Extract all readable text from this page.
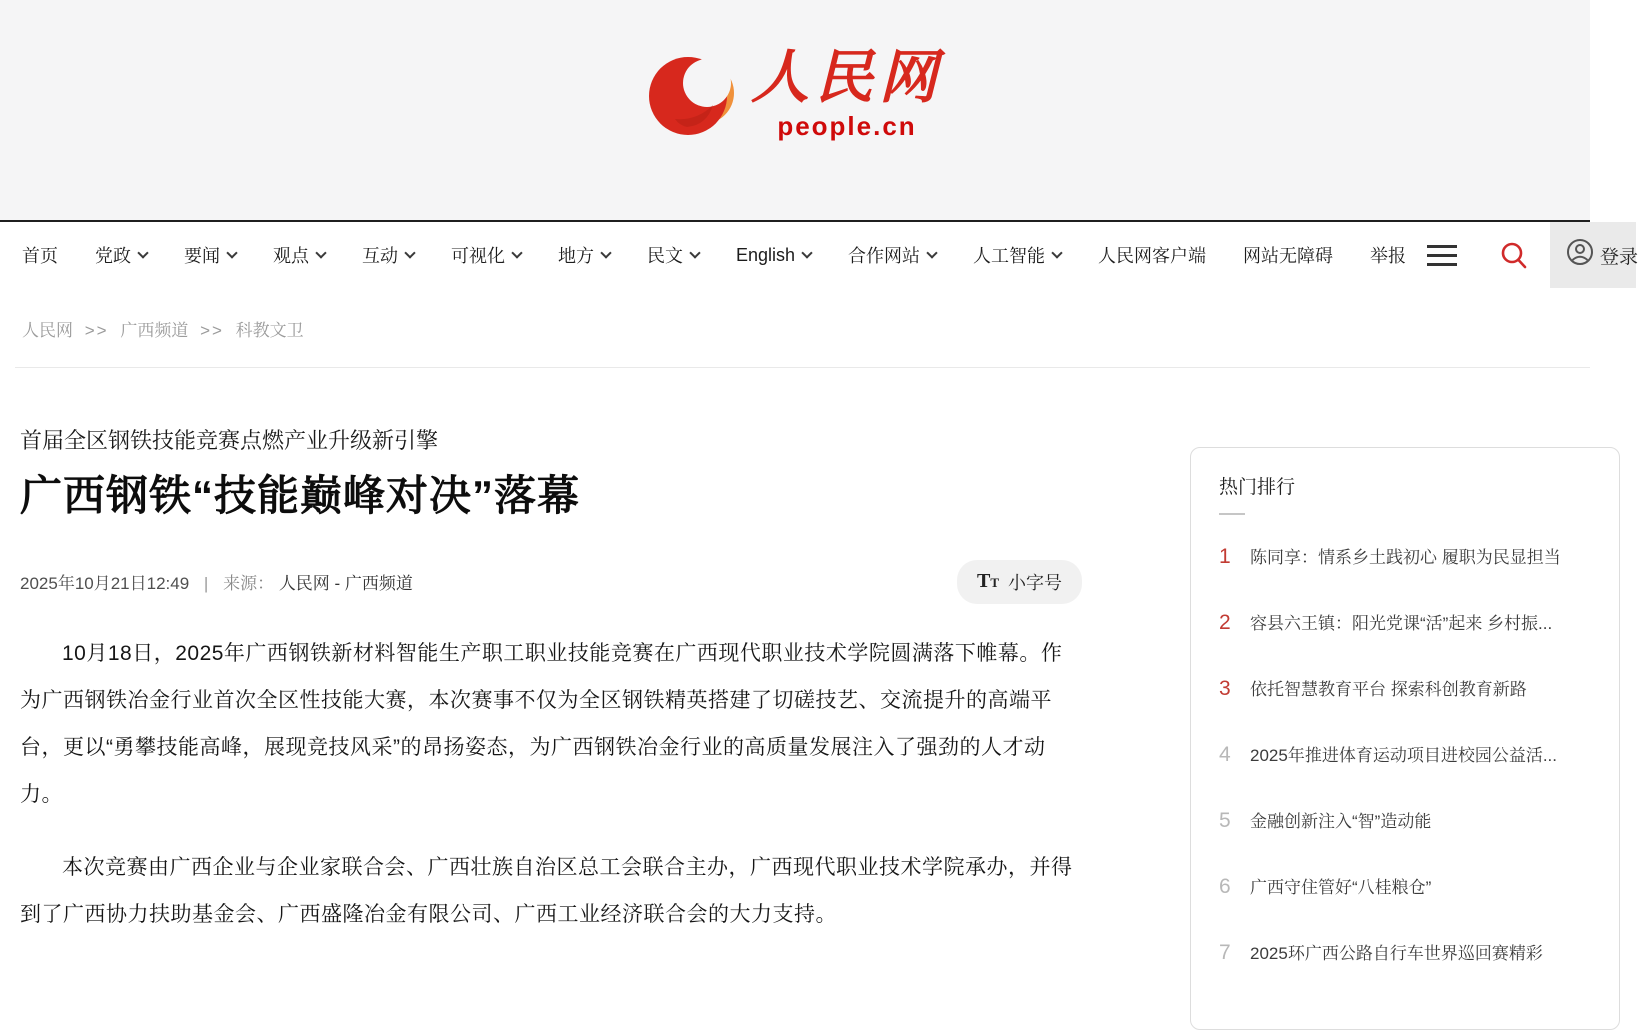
人民网
people.cn
首页 党政	要闻	观点	互动	可视化	地方	民文	English	合作网站	人工智能	人民网客户端 网站无障碍 举报	登录
人民网 >> 广西频道 >> 科教文卫
首届全区钢铁技能竞赛点燃产业升级新引擎
广西钢铁“技能巅峰对决”落幕
2025年10月21日12:49 | 来源： 人民网 - 广西频道	TT 小字号

10月18日，2025年广西钢铁新材料智能生产职工职业技能竞赛在广西现代职业技术学院圆满落下帷幕。作为广西钢铁冶金行业首次全区性技能大赛，本次赛事不仅为全区钢铁精英搭建了切磋技艺、交流提升的高端平台，更以“勇攀技能高峰，展现竞技风采”的昂扬姿态，为广西钢铁冶金行业的高质量发展注入了强劲的人才动力。

本次竞赛由广西企业与企业家联合会、广西壮族自治区总工会联合主办，广西现代职业技术学院承办，并得到了广西协力扶助基金会、广西盛隆冶金有限公司、广西工业经济联合会的大力支持。

热门排行
1 陈同享：情系乡土践初心 履职为民显担当
2 容县六王镇：阳光党课“活”起来 乡村振...
3 依托智慧教育平台 探索科创教育新路
4 2025年推进体育运动项目进校园公益活...
5 金融创新注入“智”造动能
6 广西守住管好“八桂粮仓”
7 2025环广西公路自行车世界巡回赛精彩
